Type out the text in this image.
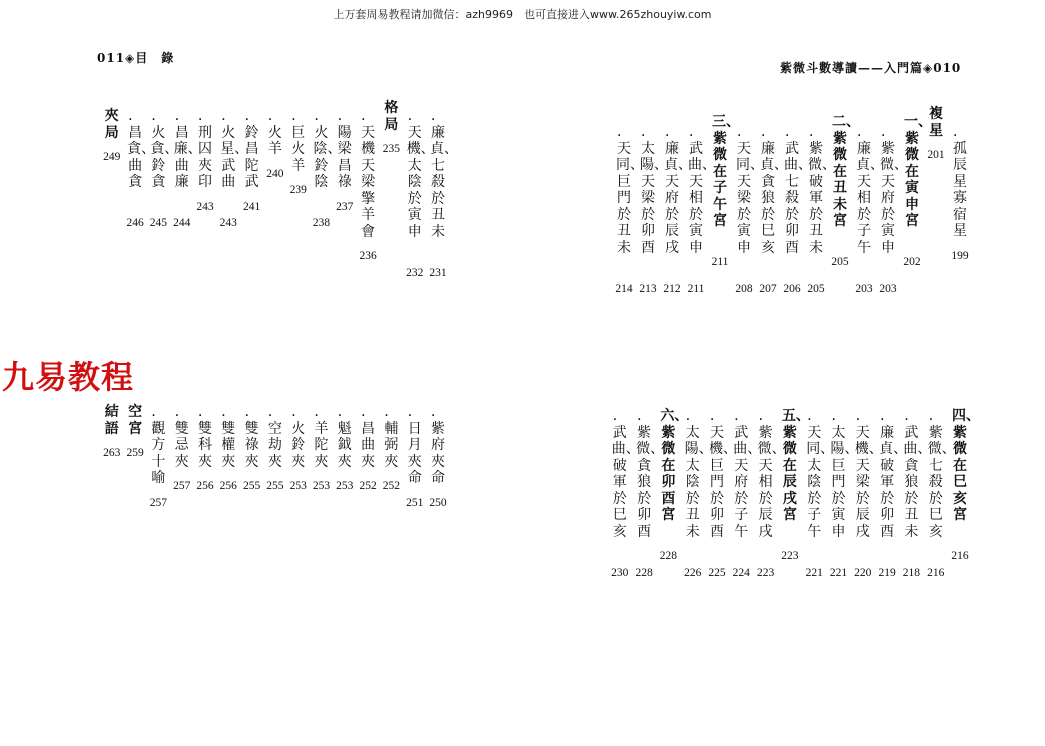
上万套周易教程请加微信：azh9969　也可直接进入www.265zhouyiw.com
011◈目　錄
紫微斗數導讀——入門篇◈010
九易教程
．廉貞、七殺於丑未
231
．天機、太陰於寅申
232
格局
235
．天機天梁擎羊會
236
．陽梁昌祿
237
．火陰、鈴陰
238
．巨火羊
239
．火羊
240
．鈴昌陀武
241
．火星、武曲
243
．刑囚夾印
243
．昌廉、曲廉
244
．火貪、鈴貪
245
．昌貪、曲貪
246
夾局
249
．紫府夾命
250
．日月夾命
251
．輔弼夾
252
．昌曲夾
252
．魁鉞夾
253
．羊陀夾
253
．火鈴夾
253
．空劫夾
255
．雙祿夾
255
．雙權夾
256
．雙科夾
256
．雙忌夾
257
．觀方十喻
257
空宮
259
結語
263
．孤辰星寡宿星
199
複星
201
一、紫微在寅申宮
202
．紫微、天府於寅申
203
．廉貞、天相於子午
203
二、紫微在丑未宮
205
．紫微、破軍於丑未
205
．武曲、七殺於卯酉
206
．廉貞、貪狼於巳亥
207
．天同、天梁於寅申
208
三、紫微在子午宮
211
．武曲、天相於寅申
211
．廉貞、天府於辰戌
212
．太陽、天梁於卯酉
213
．天同、巨門於丑未
214
四、紫微在巳亥宮
216
．紫微、七殺於巳亥
216
．武曲、貪狼於丑未
218
．廉貞、破軍於卯酉
219
．天機、天梁於辰戌
220
．太陽、巨門於寅申
221
．天同、太陰於子午
221
五、紫微在辰戌宮
223
．紫微、天相於辰戌
223
．武曲、天府於子午
224
．天機、巨門於卯酉
225
．太陽、太陰於丑未
226
六、紫微在卯酉宮
228
．紫微、貪狼於卯酉
228
．武曲、破軍於巳亥
230
